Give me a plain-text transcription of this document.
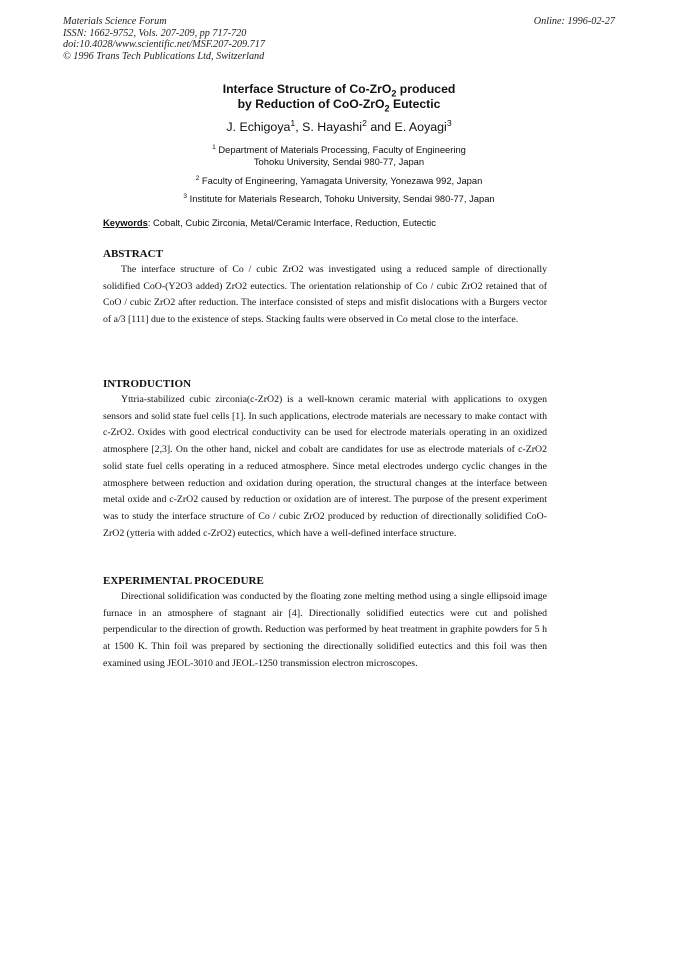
Materials Science Forum
ISSN: 1662-9752, Vols. 207-209, pp 717-720
doi:10.4028/www.scientific.net/MSF.207-209.717
© 1996 Trans Tech Publications Ltd, Switzerland
Online: 1996-02-27
Interface Structure of Co-ZrO$_2$ produced
by Reduction of CoO-ZrO$_2$ Eutectic
J. Echigoya$^1$, S. Hayashi$^2$ and E. Aoyagi$^3$
$^1$ Department of Materials Processing, Faculty of Engineering
Tohoku University, Sendai 980-77, Japan
$^2$ Faculty of Engineering, Yamagata University, Yonezawa 992, Japan
$^3$ Institute for Materials Research, Tohoku University, Sendai 980-77, Japan
Keywords: Cobalt, Cubic Zirconia, Metal/Ceramic Interface, Reduction, Eutectic
ABSTRACT

The interface structure of Co / cubic ZrO2 was investigated using a reduced sample of directionally solidified CoO-(Y2O3 added) ZrO2 eutectics. The orientation relationship of Co / cubic ZrO2 retained that of CoO / cubic ZrO2 after reduction. The interface consisted of steps and misfit dislocations with a Burgers vector of a/3 [111] due to the existence of steps. Stacking faults were observed in Co metal close to the interface.

INTRODUCTION

Yttria-stabilized cubic zirconia(c-ZrO2) is a well-known ceramic material with applications to oxygen sensors and solid state fuel cells [1]. In such applications, electrode materials are necessary to make contact with c-ZrO2. Oxides with good electrical conductivity can be used for electrode materials operating in an oxidized atmosphere [2,3]. On the other hand, nickel and cobalt are candidates for use as electrode materials of c-ZrO2 solid state fuel cells operating in a reduced atmosphere. Since metal electrodes undergo cyclic changes in the atmosphere between reduction and oxidation during operation, the structural changes at the interface between metal oxide and c-ZrO2 caused by reduction or oxidation are of interest. The purpose of the present experiment was to study the interface structure of Co / cubic ZrO2 produced by reduction of directionally solidified CoO-ZrO2 (ytteria with added c-ZrO2) eutectics, which have a well-defined interface structure.

EXPERIMENTAL PROCEDURE

Directional solidification was conducted by the floating zone melting method using a single ellipsoid image furnace in an atmosphere of stagnant air [4]. Directionally solidified eutectics were cut and polished perpendicular to the direction of growth. Reduction was performed by heat treatment in graphite powders for 5 h at 1500 K. Thin foil was prepared by sectioning the directionally solidified eutectics and this foil was then examined using JEOL-3010 and JEOL-1250 transmission electron microscopes.
